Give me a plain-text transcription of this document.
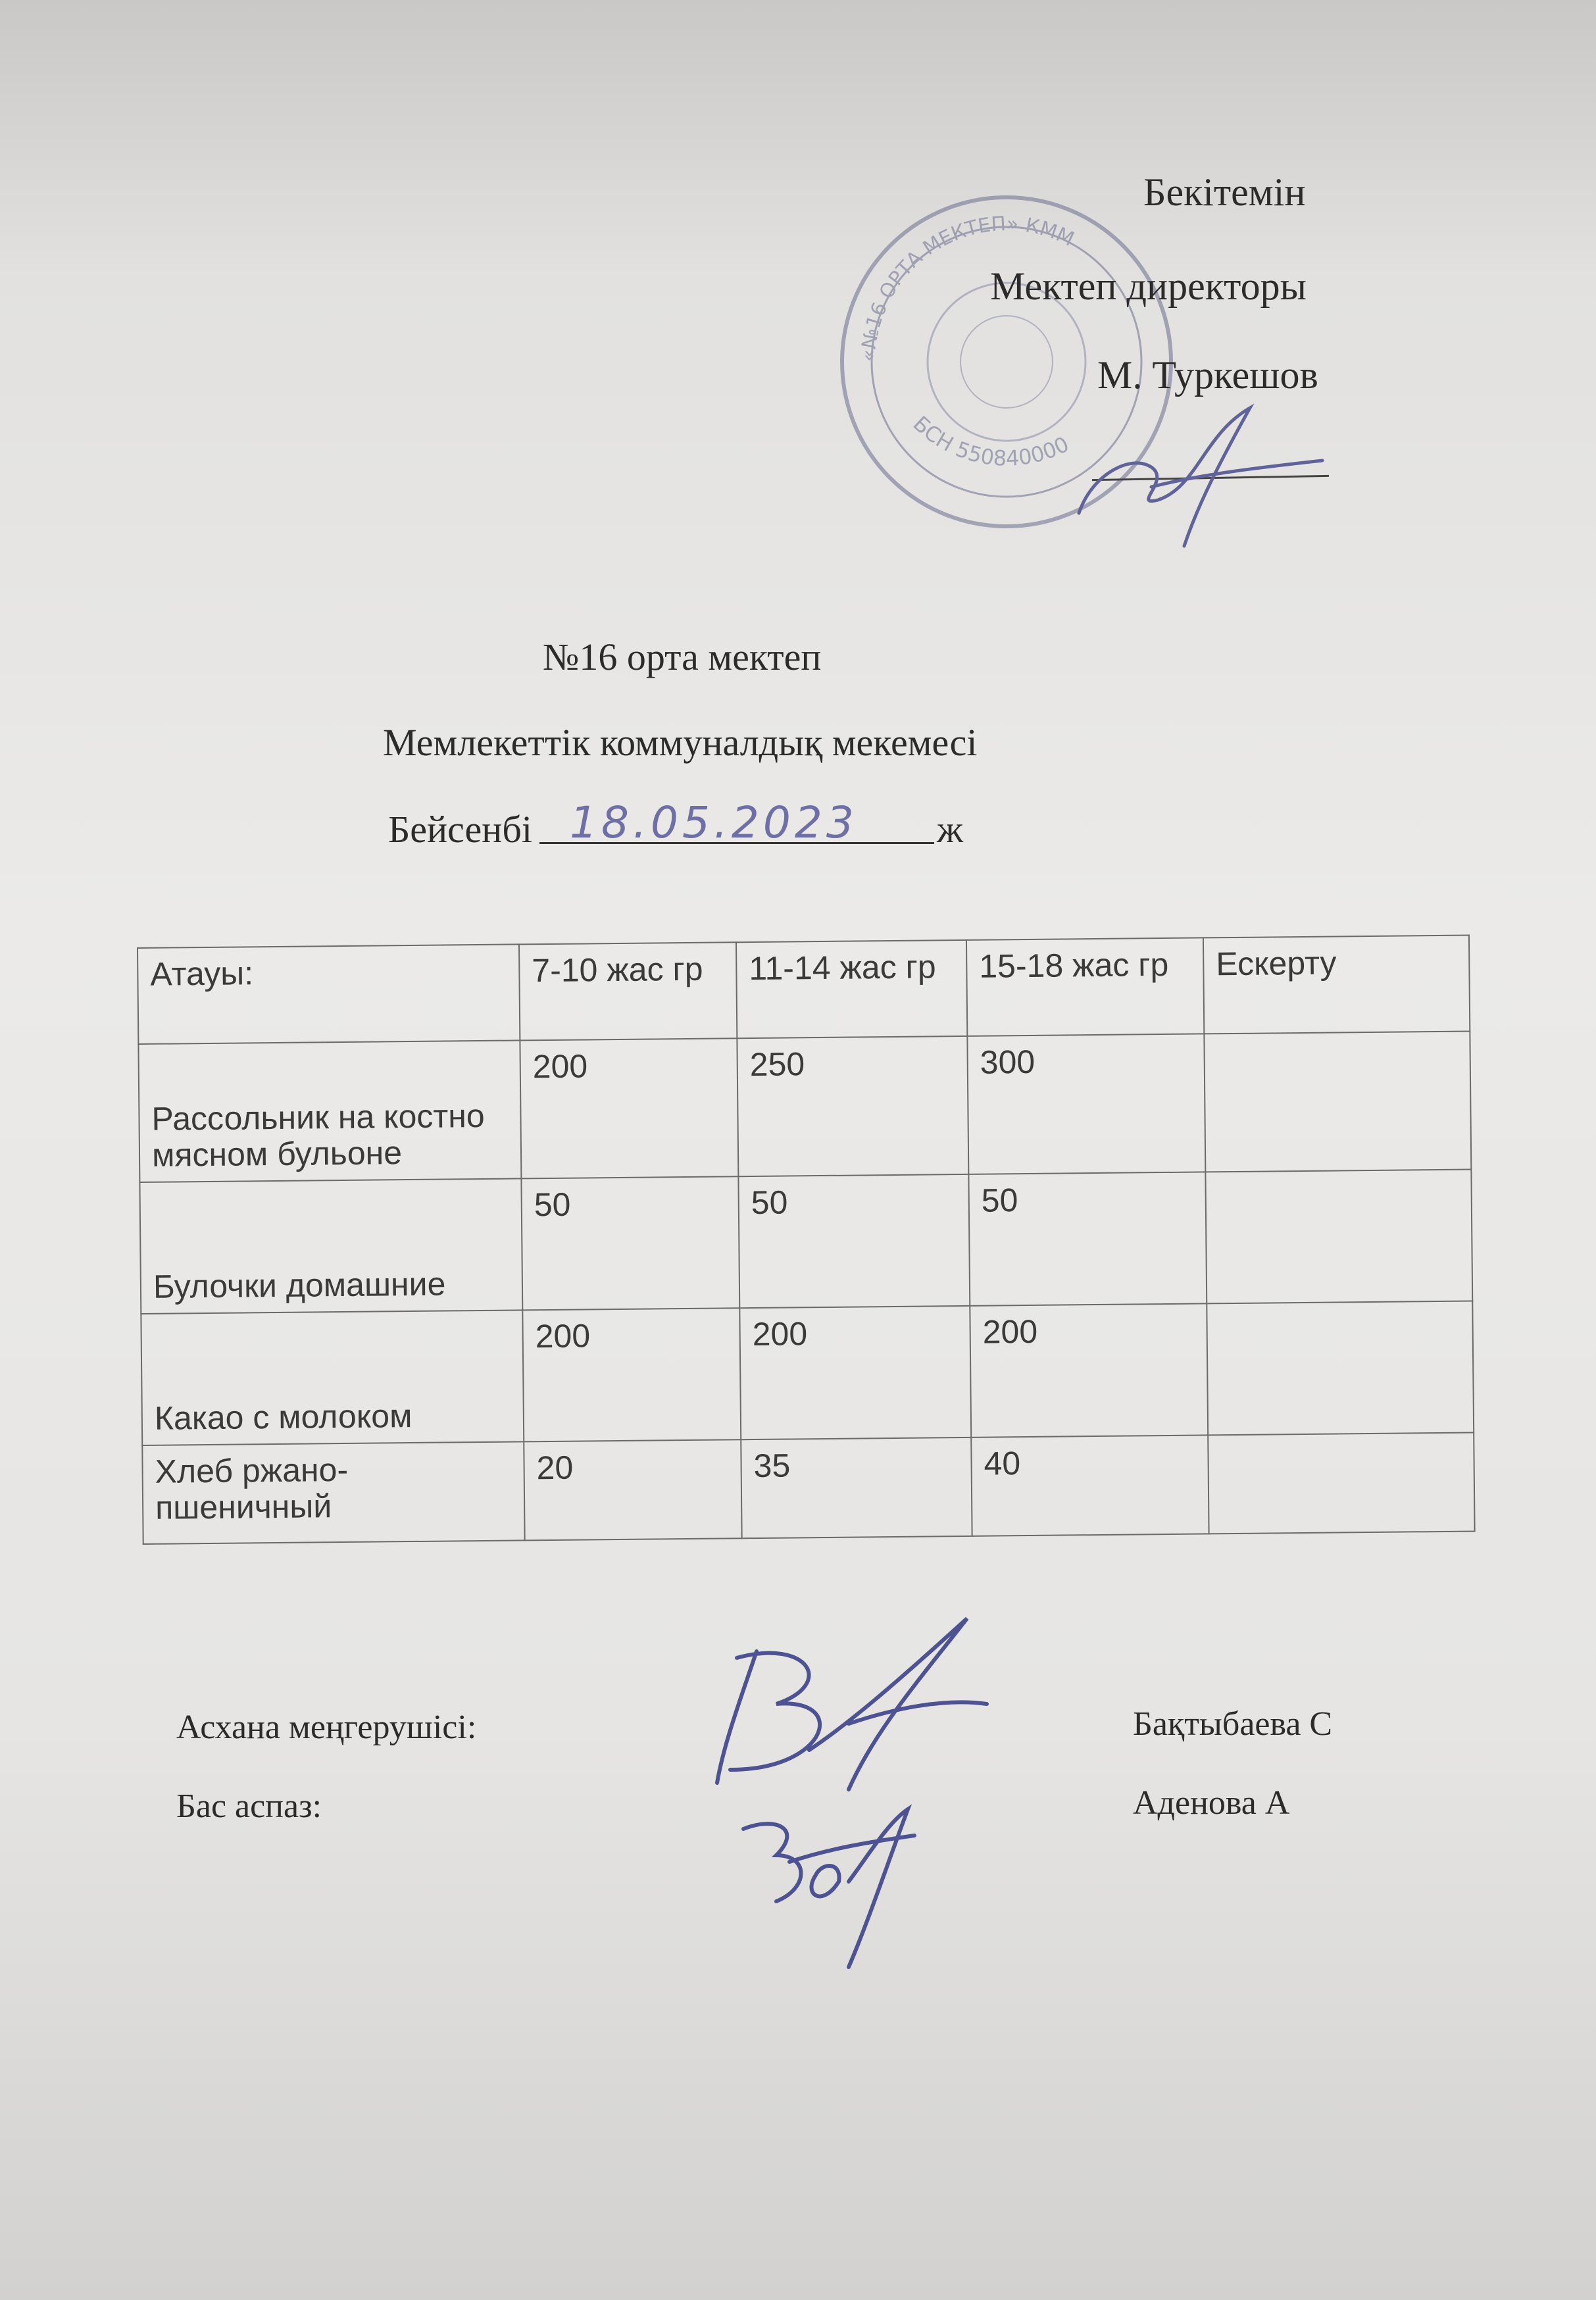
«№16 ОРТА МЕКТЕП» КММ
БСН 550840000
Бекітемін
Мектеп директоры
М. Туркешов
№16 орта мектеп
Мемлекеттік коммуналдық мекемесі
Бейсенбі 18.05.2023 ж
Атауы:	7-10 жас гр	11-14 жас гр	15-18 жас гр	Ескерту
Рассольник на костно мясном бульоне	200	250	300	
Булочки домашние	50	50	50	
Какао с молоком	200	200	200	
Хлеб ржано-пшеничный	20	35	40	
Асхана меңгерушісі:	Бақтыбаева С
Бас аспаз:	Аденова А
